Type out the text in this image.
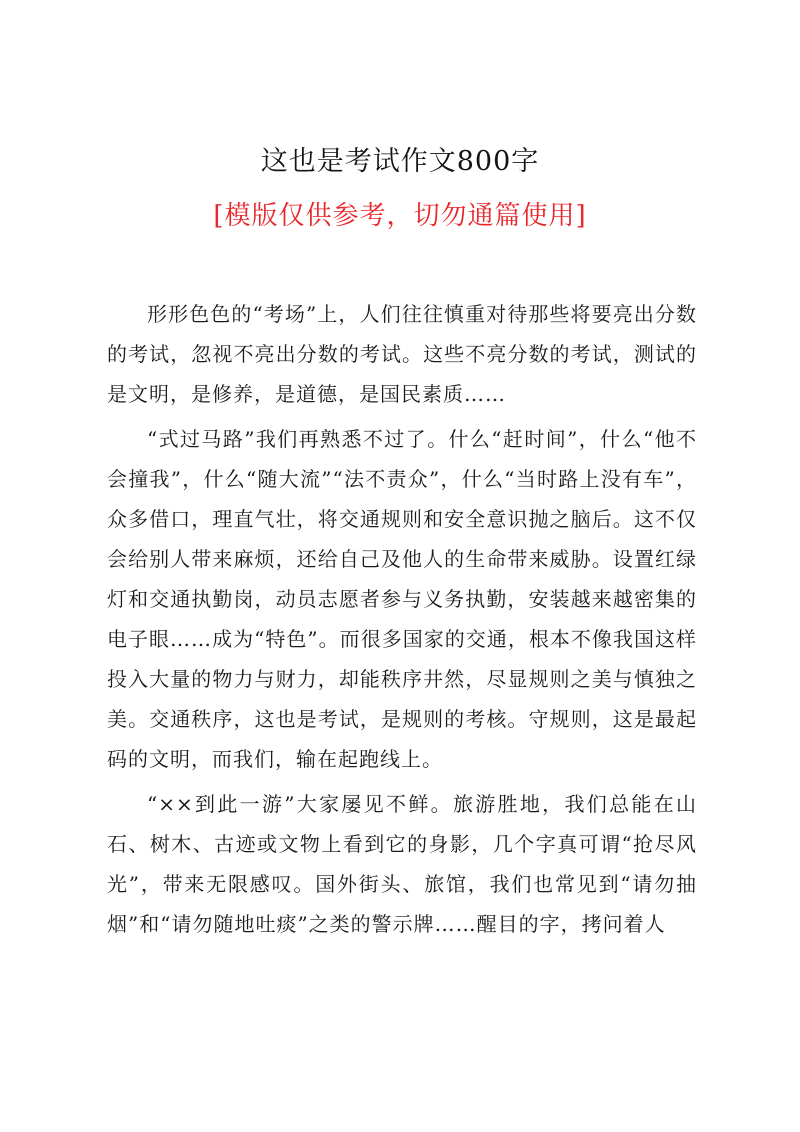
这也是考试作文800字
[模版仅供参考，切勿通篇使用]

形形色色的“考场”上，人们往往慎重对待那些将要亮出分数的考试，忽视不亮出分数的考试。这些不亮分数的考试，测试的是文明，是修养，是道德，是国民素质……

“式过马路”我们再熟悉不过了。什么“赶时间”，什么“他不会撞我”，什么“随大流”“法不责众”，什么“当时路上没有车”，众多借口，理直气壮，将交通规则和安全意识抛之脑后。这不仅会给别人带来麻烦，还给自己及他人的生命带来威胁。设置红绿灯和交通执勤岗，动员志愿者参与义务执勤，安装越来越密集的电子眼……成为“特色”。而很多国家的交通，根本不像我国这样投入大量的物力与财力，却能秩序井然，尽显规则之美与慎独之美。交通秩序，这也是考试，是规则的考核。守规则，这是最起码的文明，而我们，输在起跑线上。

“××到此一游”大家屡见不鲜。旅游胜地，我们总能在山石、树木、古迹或文物上看到它的身影，几个字真可谓“抢尽风光”，带来无限感叹。国外街头、旅馆，我们也常见到“请勿抽烟”和“请勿随地吐痰”之类的警示牌……醒目的字，拷问着人
